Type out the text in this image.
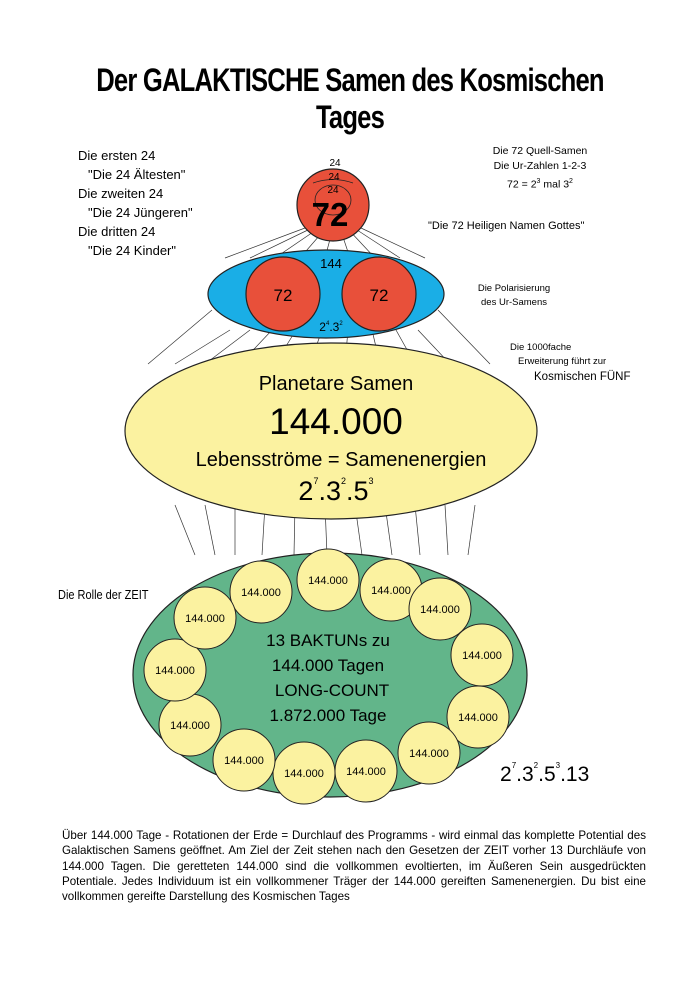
Der GALAKTISCHE Samen des Kosmischen Tages
Die ersten 24
"Die 24 Ältesten"
Die zweiten 24
"Die 24 Jüngeren"
Die dritten 24
"Die 24 Kinder"
Die 72 Quell-Samen
Die Ur-Zahlen 1-2-3
$72 = 2^3$ mal $3^2$
"Die 72 Heiligen Namen Gottes"
Die Polarisierung
des Ur-Samens
Die 1000fache
Erweiterung führt zur
Kosmischen FÜNF
Die Rolle der ZEIT
144.000
144.000	144.000
144.000
144.000
144.000
144.000
144.000
144.000
144.000
144.000
144.000
144.000
13 BAKTUNs zu
144.000 Tagen
LONG-COUNT
1.872.000 Tage
Planetare Samen
144.000
Lebensströme = Samenenergien
$2^7.3^2.5^3$
144
72	72
$2^4.3^2$
24
24
24
72
$2^7.3^2.5^3.13$
Über 144.000 Tage - Rotationen der Erde = Durchlauf des Programms - wird einmal das komplette Potential des Galaktischen Samens geöffnet. Am Ziel der Zeit stehen nach den Gesetzen der ZEIT vorher 13 Durchläufe von 144.000 Tagen. Die geretteten 144.000 sind die vollkommen evoltierten, im Äußeren Sein ausgedrückten Potentiale. Jedes Individuum ist ein vollkommener Träger der 144.000 gereiften Samenenergien. Du bist eine vollkommen gereifte Darstellung des Kosmischen Tages
